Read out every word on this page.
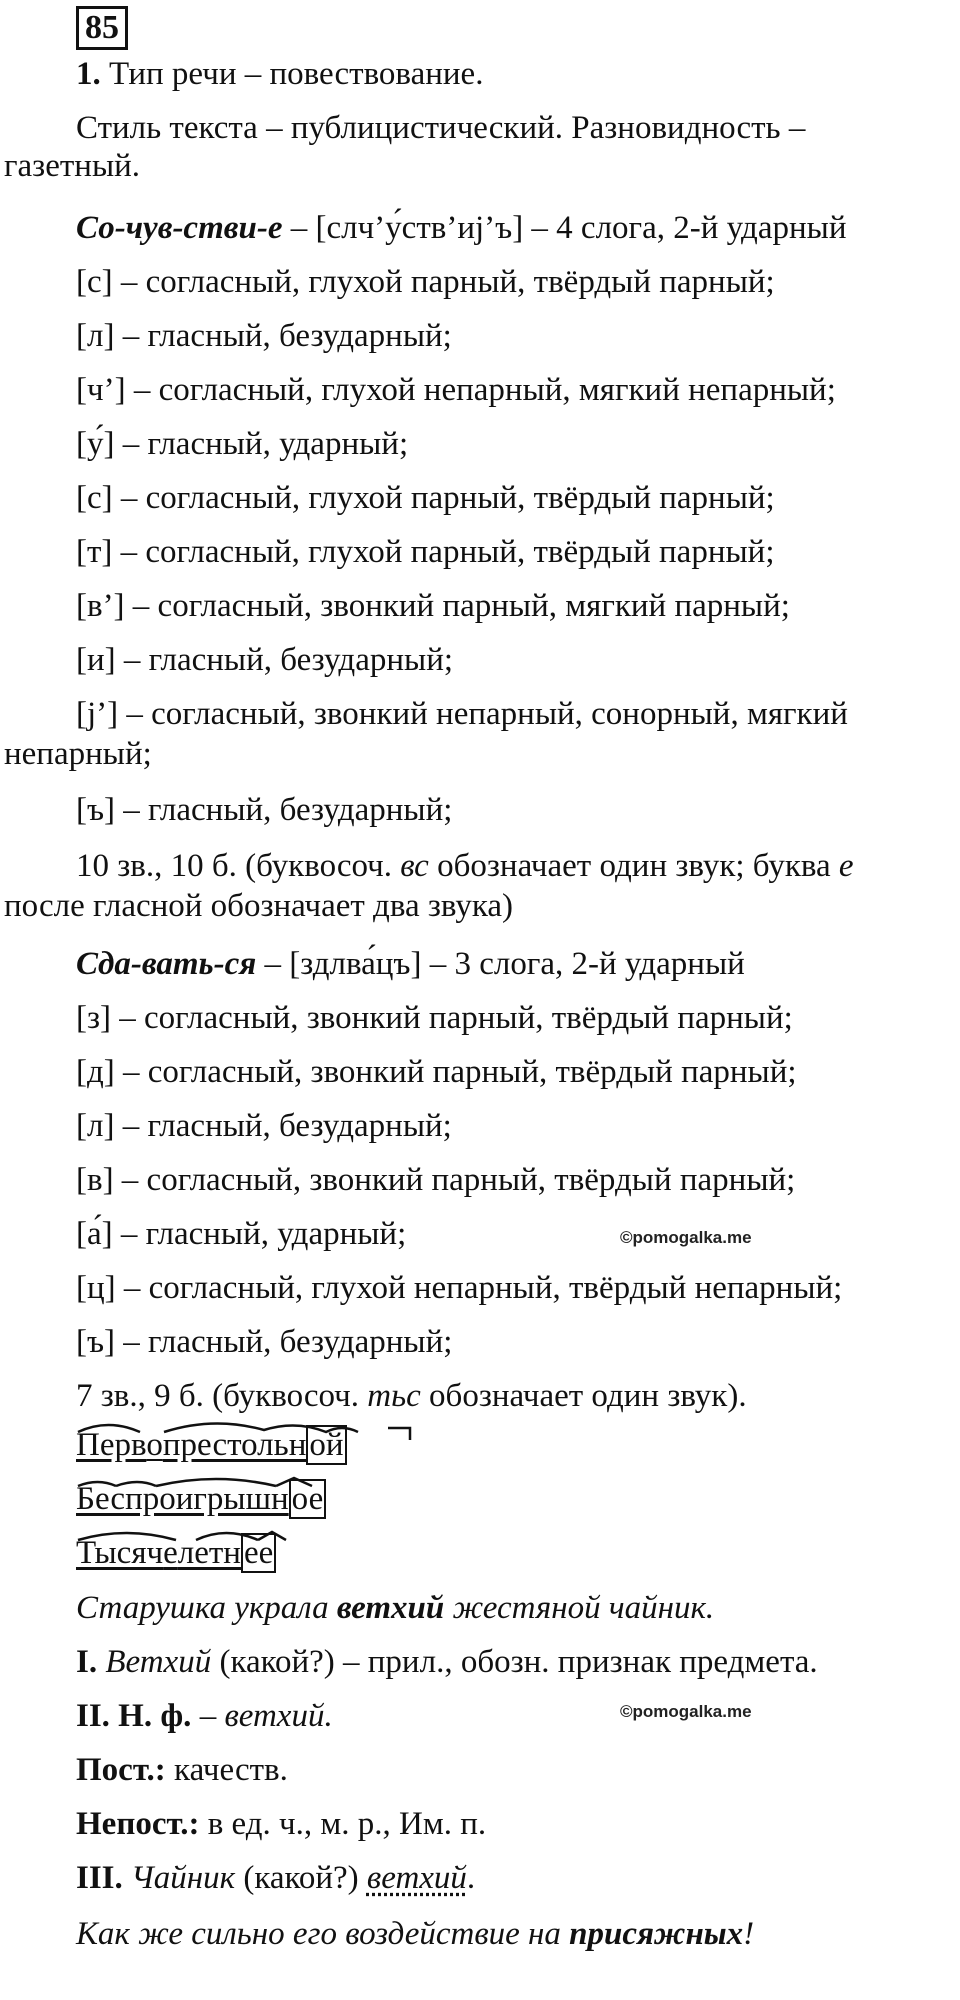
85
1. Тип речи – повествование.
Стиль текста – публицистический. Разновидность –
газетный.
Со-чув-стви-е – [слч’у́ств’иj’ъ] – 4 слога, 2-й ударный
[с] – согласный, глухой парный, твёрдый парный;
[л] – гласный, безударный;
[ч’] – согласный, глухой непарный, мягкий непарный;
[у́] – гласный, ударный;
[с] – согласный, глухой парный, твёрдый парный;
[т] – согласный, глухой парный, твёрдый парный;
[в’] – согласный, звонкий парный, мягкий парный;
[и] – гласный, безударный;
[j’] – согласный, звонкий непарный, сонорный, мягкий
непарный;
[ъ] – гласный, безударный;
10 зв., 10 б. (буквосоч. вс обозначает один звук; буква е
после гласной обозначает два звука)
Сда-вать-ся – [здлва́цъ] – 3 слога, 2-й ударный
[з] – согласный, звонкий парный, твёрдый парный;
[д] – согласный, звонкий парный, твёрдый парный;
[л] – гласный, безударный;
[в] – согласный, звонкий парный, твёрдый парный;
[а́] – гласный, ударный;
[ц] – согласный, глухой непарный, твёрдый непарный;
[ъ] – гласный, безударный;
7 зв., 9 б. (буквосоч. тьс обозначает один звук).
©pomogalka.me
Первопрестольной
Беспроигрышное
Тысячелетнее
Старушка украла ветхий жестяной чайник.
I. Ветхий (какой?) – прил., обозн. признак предмета.
II. Н. ф. – ветхий.	©pomogalka.me
Пост.: качеств.
Непост.: в ед. ч., м. р., Им. п.
III. Чайник (какой?) ветхий.
Как же сильно его воздействие на присяжных!
